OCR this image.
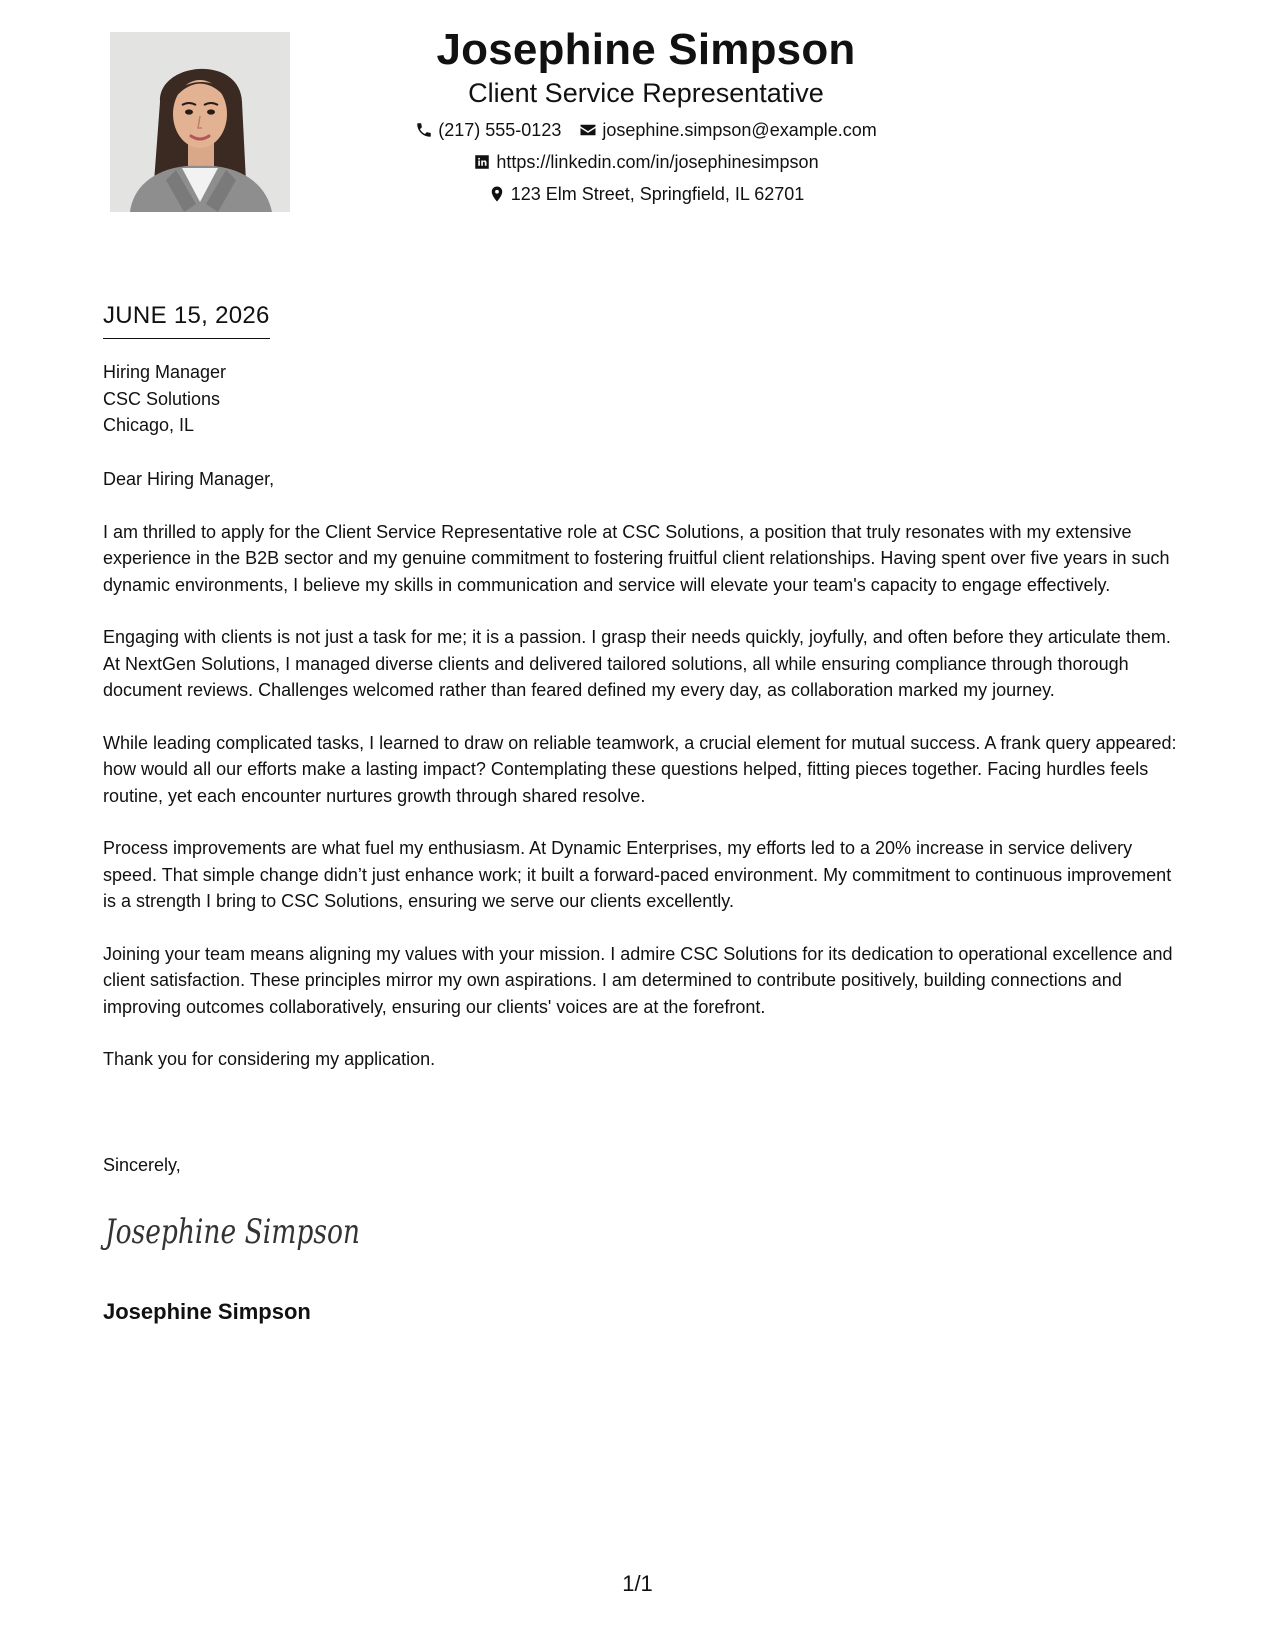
Josephine Simpson
Client Service Representative
(217) 555-0123 josephine.simpson@example.com
https://linkedin.com/in/josephinesimpson
123 Elm Street, Springfield, IL 62701
JUNE 15, 2026
Hiring Manager
CSC Solutions
Chicago, IL
Dear Hiring Manager,

I am thrilled to apply for the Client Service Representative role at CSC Solutions, a position that truly resonates with my extensive experience in the B2B sector and my genuine commitment to fostering fruitful client relationships. Having spent over five years in such dynamic environments, I believe my skills in communication and service will elevate your team's capacity to engage effectively.

Engaging with clients is not just a task for me; it is a passion. I grasp their needs quickly, joyfully, and often before they articulate them. At NextGen Solutions, I managed diverse clients and delivered tailored solutions, all while ensuring compliance through thorough document reviews. Challenges welcomed rather than feared defined my every day, as collaboration marked my journey.

While leading complicated tasks, I learned to draw on reliable teamwork, a crucial element for mutual success. A frank query appeared: how would all our efforts make a lasting impact? Contemplating these questions helped, fitting pieces together. Facing hurdles feels routine, yet each encounter nurtures growth through shared resolve.

Process improvements are what fuel my enthusiasm. At Dynamic Enterprises, my efforts led to a 20% increase in service delivery speed. That simple change didn’t just enhance work; it built a forward-paced environment. My commitment to continuous improvement is a strength I bring to CSC Solutions, ensuring we serve our clients excellently.

Joining your team means aligning my values with your mission. I admire CSC Solutions for its dedication to operational excellence and client satisfaction. These principles mirror my own aspirations. I am determined to contribute positively, building connections and improving outcomes collaboratively, ensuring our clients' voices are at the forefront.

Thank you for considering my application.

Sincerely,
Josephine Simpson
Josephine Simpson
1/1
